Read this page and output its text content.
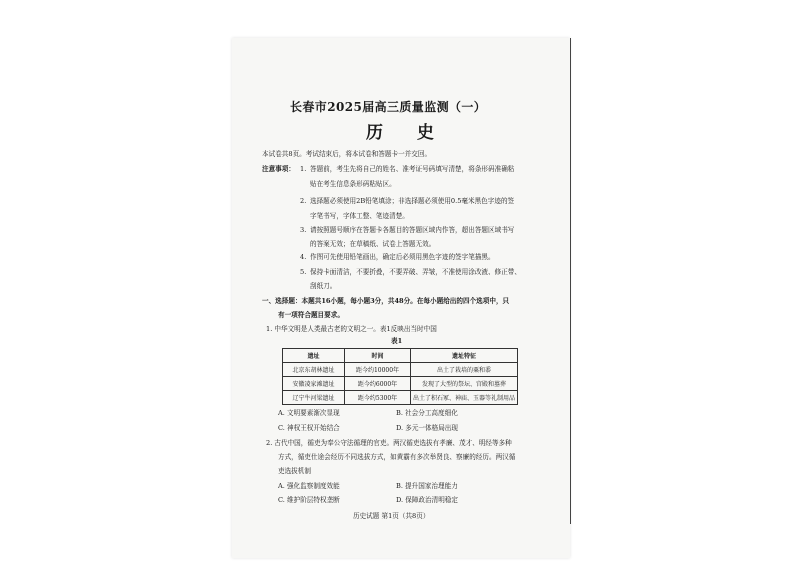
长春市2025届高三质量监测（一）
历 史
本试卷共8页。考试结束后，将本试卷和答题卡一并交回。
注意事项： 1. 答题前，考生先将自己的姓名、准考证号码填写清楚，将条形码准确粘
贴在考生信息条形码粘贴区。
2. 选择题必须使用2B铅笔填涂；非选择题必须使用0.5毫米黑色字迹的签
字笔书写，字体工整、笔迹清楚。
3. 请按照题号顺序在答题卡各题目的答题区域内作答，超出答题区域书写
的答案无效；在草稿纸、试卷上答题无效。
4. 作图可先使用铅笔画出，确定后必须用黑色字迹的签字笔描黑。
5. 保持卡面清洁，不要折叠，不要弄破、弄皱，不准使用涂改液、修正带、
刮纸刀。
一、选择题：本题共16小题，每小题3分，共48分。在每小题给出的四个选项中，只
有一项符合题目要求。
1. 中华文明是人类最古老的文明之一。表1反映出当时中国
表1
遗址	时间	遗址特征
北京东胡林遗址	距今约10000年	出土了栽培的粟和黍
安徽凌家滩遗址	距今约6000年	发现了大型的祭坛、宫殿和墓葬
辽宁牛河梁遗址	距今约5300年	出土了积石冢、神庙、玉器等礼制用品
A. 文明要素渐次显现	B. 社会分工高度细化
C. 神权王权开始结合	D. 多元一体格局出现
2. 古代中国，循吏为奉公守法循理的官吏。两汉循吏选拔有孝廉、茂才、明经等多种
方式，循吏仕途会经历不同选拔方式，如黄霸有多次举贤良、察廉的经历。两汉循
吏选拔机制
A. 强化监察制度效能	B. 提升国家治理能力
C. 维护阶层特权垄断	D. 保障政治清明稳定
历史试题 第1页（共8页）
